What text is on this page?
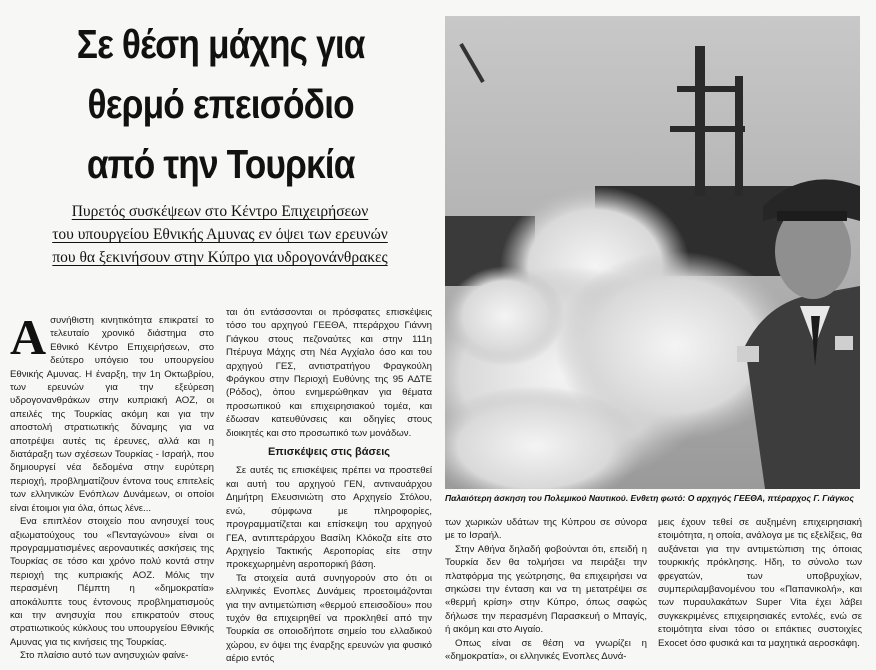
Σε θέση μάχης για
θερμό επεισόδιο
από την Τουρκία
Πυρετός συσκέψεων στο Κέντρο Επιχειρήσεων
του υπουργείου Εθνικής Αμυνας εν όψει των ερευνών
που θα ξεκινήσουν στην Κύπρο για υδρογονάνθρακες

Ασυνήθιστη κινητικότητα επικρατεί το τελευταίο χρονικό διάστημα στο Εθνικό Κέντρο Επιχειρήσεων, στο δεύτερο υπόγειο του υπουργείου Εθνικής Αμυνας. Η έναρξη, την 1η Οκτωβρίου, των ερευνών για την εξεύρεση υδρογονανθράκων στην κυπριακή ΑΟΖ, οι απειλές της Τουρκίας ακόμη και για την αποστολή στρατιωτικής δύναμης για να αποτρέψει αυτές τις έρευνες, αλλά και η διατάραξη των σχέσεων Τουρκίας - Ισραήλ, που δημιουργεί νέα δεδομένα στην ευρύτερη περιοχή, προβληματίζουν έντονα τους επιτελείς των ελληνικών Ενόπλων Δυνάμεων, οι οποίοι είναι έτοιμοι για όλα, όπως λένε...

Ενα επιπλέον στοιχείο που ανησυχεί τους αξιωματούχους του «Πενταγώνου» είναι οι προγραμματισμένες αεροναυτικές ασκήσεις της Τουρκίας σε τόσο και χρόνο πολύ κοντά στην περιοχή της κυπριακής ΑΟΖ. Μόλις την περασμένη Πέμπτη η «δημοκρατία» αποκάλυπτε τους έντονους προβληματισμούς και την ανησυχία που επικρατούν στους στρατιωτικούς κύκλους του υπουργείου Εθνικής Αμυνας για τις κινήσεις της Τουρκίας.

Στο πλαίσιο αυτό των ανησυχιών φαίνε-

ται ότι εντάσσονται οι πρόσφατες επισκέψεις τόσο του αρχηγού ΓΕΕΘΑ, πτεράρχου Γιάννη Γιάγκου στους πεζοναύτες και στην 111η Πτέρυγα Μάχης στη Νέα Αγχίαλο όσο και του αρχηγού ΓΕΣ, αντιστρατήγου Φραγκούλη Φράγκου στην Περιοχή Ευθύνης της 95 ΑΔΤΕ (Ρόδος), όπου ενημερώθηκαν για θέματα προσωπικού και επιχειρησιακού τομέα, και έδωσαν κατευθύνσεις και οδηγίες στους διοικητές και στο προσωπικό των μονάδων.

Επισκέψεις στις βάσεις

Σε αυτές τις επισκέψεις πρέπει να προστεθεί και αυτή του αρχηγού ΓΕΝ, αντιναυάρχου Δημήτρη Ελευσινιώτη στο Αρχηγείο Στόλου, ενώ, σύμφωνα με πληροφορίες, προγραμματίζεται και επίσκεψη του αρχηγού ΓΕΑ, αντιπτεράρχου Βασίλη Κλόκοζα είτε στο Αρχηγείο Τακτικής Αεροπορίας είτε στην προκεχωρημένη αεροπορική βάση.

Τα στοιχεία αυτά συνηγορούν στο ότι οι ελληνικές Ενοπλες Δυνάμεις προετοιμάζονται για την αντιμετώπιση «θερμού επεισοδίου» που τυχόν θα επιχειρηθεί να προκληθεί από την Τουρκία σε οποιοδήποτε σημείο του ελλαδικού χώρου, εν όψει της έναρξης ερευνών για φυσικό αέριο εντός

Παλαιότερη άσκηση του Πολεμικού Ναυτικού. Ενθετη φωτό: Ο αρχηγός ΓΕΕΘΑ, πτέραρχος Γ. Γιάγκος

των χωρικών υδάτων της Κύπρου σε σύνορα με το Ισραήλ.

Στην Αθήνα δηλαδή φοβούνται ότι, επειδή η Τουρκία δεν θα τολμήσει να πειράξει την πλατφόρμα της γεώτρησης, θα επιχειρήσει να σηκώσει την ένταση και να τη μετατρέψει σε «θερμή κρίση» στην Κύπρο, όπως σαφώς δήλωσε την περασμένη Παρασκευή ο Μπαγίς, ή ακόμη και στο Αιγαίο.

Οπως είναι σε θέση να γνωρίζει η «δημοκρατία», οι ελληνικές Ενοπλες Δυνά-

μεις έχουν τεθεί σε αυξημένη επιχειρησιακή ετοιμότητα, η οποία, ανάλογα με τις εξελίξεις, θα αυξάνεται για την αντιμετώπιση της όποιας τουρκικής πρόκλησης. Ηδη, το σύνολο των φρεγατών, των υποβρυχίων, συμπεριλαμβανομένου του «Παπανικολή», και των πυραυλακάτων Super Vita έχει λάβει συγκεκριμένες επιχειρησιακές εντολές, ενώ σε ετοιμότητα είναι τόσο οι επάκτιες συστοιχίες Exocet όσο φυσικά και τα μαχητικά αεροσκάφη.
